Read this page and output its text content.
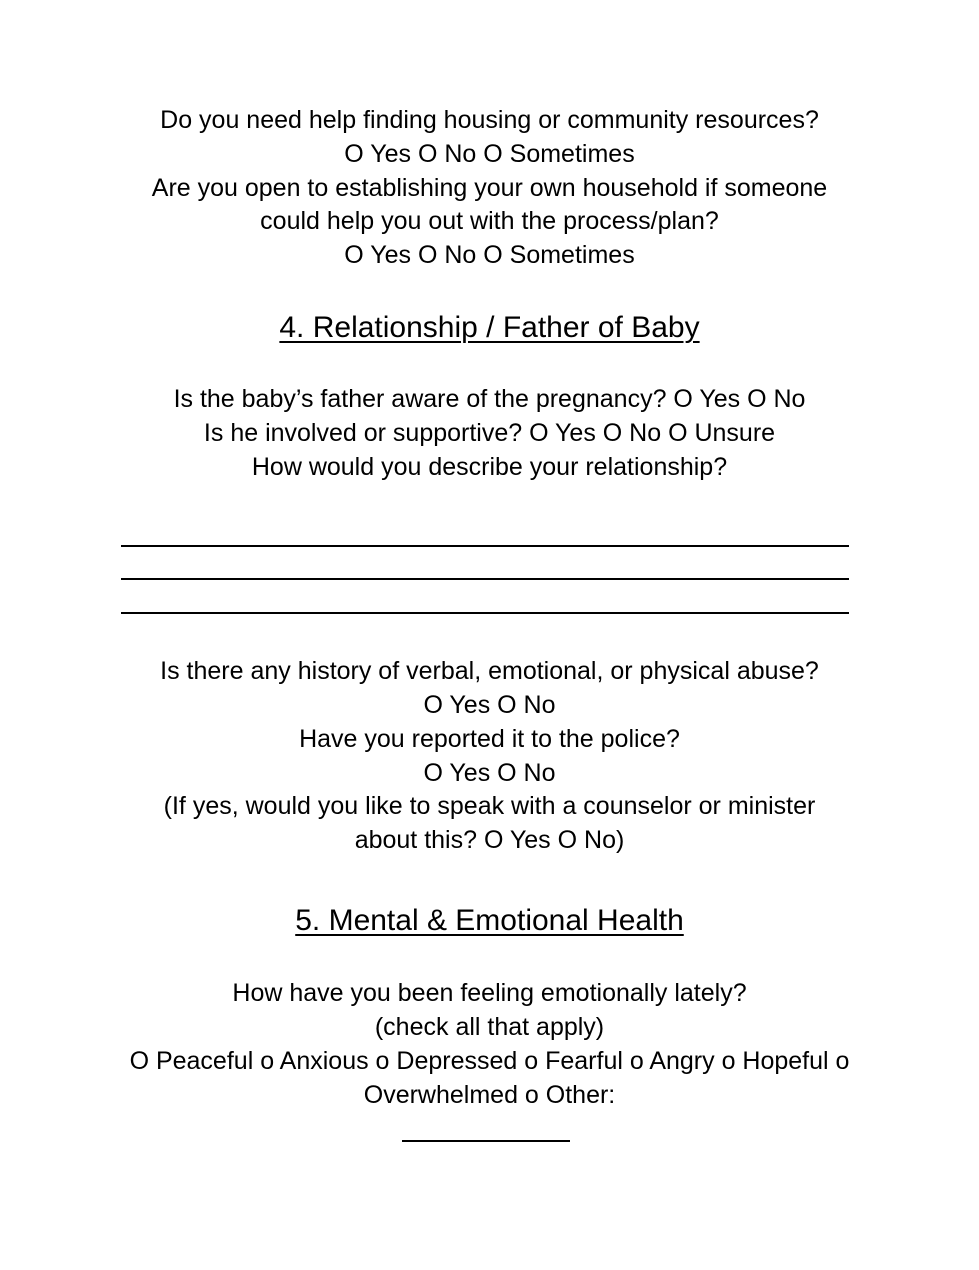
Do you need help finding housing or community resources?
O Yes O No O Sometimes
Are you open to establishing your own household if someone
could help you out with the process/plan?
O Yes O No O Sometimes
4. Relationship / Father of Baby
Is the baby’s father aware of the pregnancy? O Yes O No
Is he involved or supportive? O Yes O No O Unsure
How would you describe your relationship?
Is there any history of verbal, emotional, or physical abuse?
O Yes O No
Have you reported it to the police?
O Yes O No
(If yes, would you like to speak with a counselor or minister
about this? O Yes O No)
5. Mental & Emotional Health
How have you been feeling emotionally lately?
(check all that apply)
O Peaceful o Anxious o Depressed o Fearful o Angry o Hopeful o
Overwhelmed o Other:
